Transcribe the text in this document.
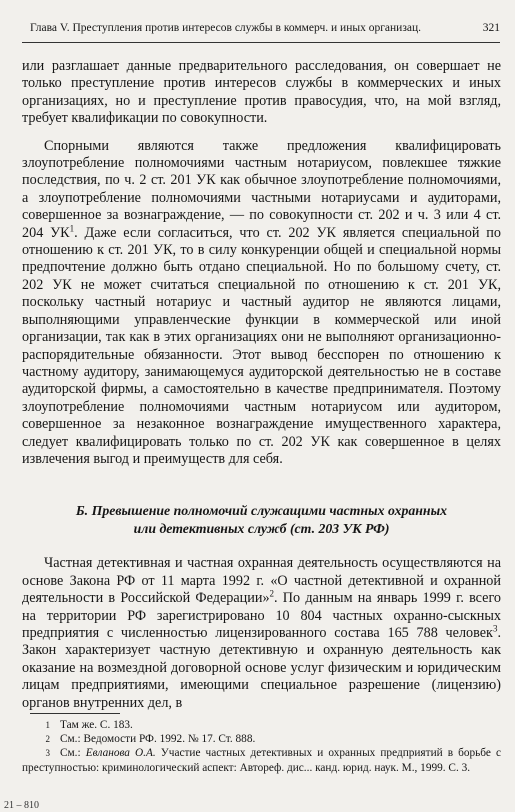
Глава V. Преступления против интересов службы в коммерч. и иных организац.	321

или разглашает данные предварительного расследования, он совершает не только преступление против интересов службы в коммерческих и иных организациях, но и преступление против правосудия, что, на мой взгляд, требует квалификации по совокупности.

Спорными являются также предложения квалифицировать злоупотребление полномочиями частным нотариусом, повлекшее тяжкие последствия, по ч. 2 ст. 201 УК как обычное злоупотребление полномочиями, а злоупотребление полномочиями частными нотариусами и аудиторами, совершенное за вознаграждение, — по совокупности ст. 202 и ч. 3 или 4 ст. 204 $УК^1$. Даже если согласиться, что ст. 202 УК является специальной по отношению к ст. 201 УК, то в силу конкуренции общей и специальной нормы предпочтение должно быть отдано специальной. Но по большому счету, ст. 202 УК не может считаться специальной по отношению к ст. 201 УК, поскольку частный нотариус и частный аудитор не являются лицами, выполняющими управленческие функции в коммерческой или иной организации, так как в этих организациях они не выполняют организационно-распорядительные обязанности. Этот вывод бесспорен по отношению к частному аудитору, занимающемуся аудиторской деятельностью не в составе аудиторской фирмы, а самостоятельно в качестве предпринимателя. Поэтому злоупотребление полномочиями частным нотариусом или аудитором, совершенное за незаконное вознаграждение имущественного характера, следует квалифицировать только по ст. 202 УК как совершенное в целях извлечения выгод и преимуществ для себя.

Б. Превышение полномочий служащими частных охранных
или детективных служб (ст. 203 УК РФ)

Частная детективная и частная охранная деятельность осуществляются на основе Закона РФ от 11 марта 1992 г. «О частной детективной и охранной деятельности в Российской Федерации»$^2$. По данным на январь 1999 г. всего на территории РФ зарегистрировано 10 804 частных охранно-сыскных предприятия с численностью лицензированного состава 165 788 человек$^3$. Закон характеризует частную детективную и охранную деятельность как оказание на возмездной договорной основе услуг физическим и юридическим лицам предприятиями, имеющими специальное разрешение (лицензию) органов внутренних дел, в

1 Там же. С. 183.

2 См.: Ведомости РФ. 1992. № 17. Ст. 888.

3 См.: Евланова О.А. Участие частных детективных и охранных предприятий в борьбе с преступностью: криминологический аспект: Автореф. дис... канд. юрид. наук. М., 1999. С. 3.

21 – 810
